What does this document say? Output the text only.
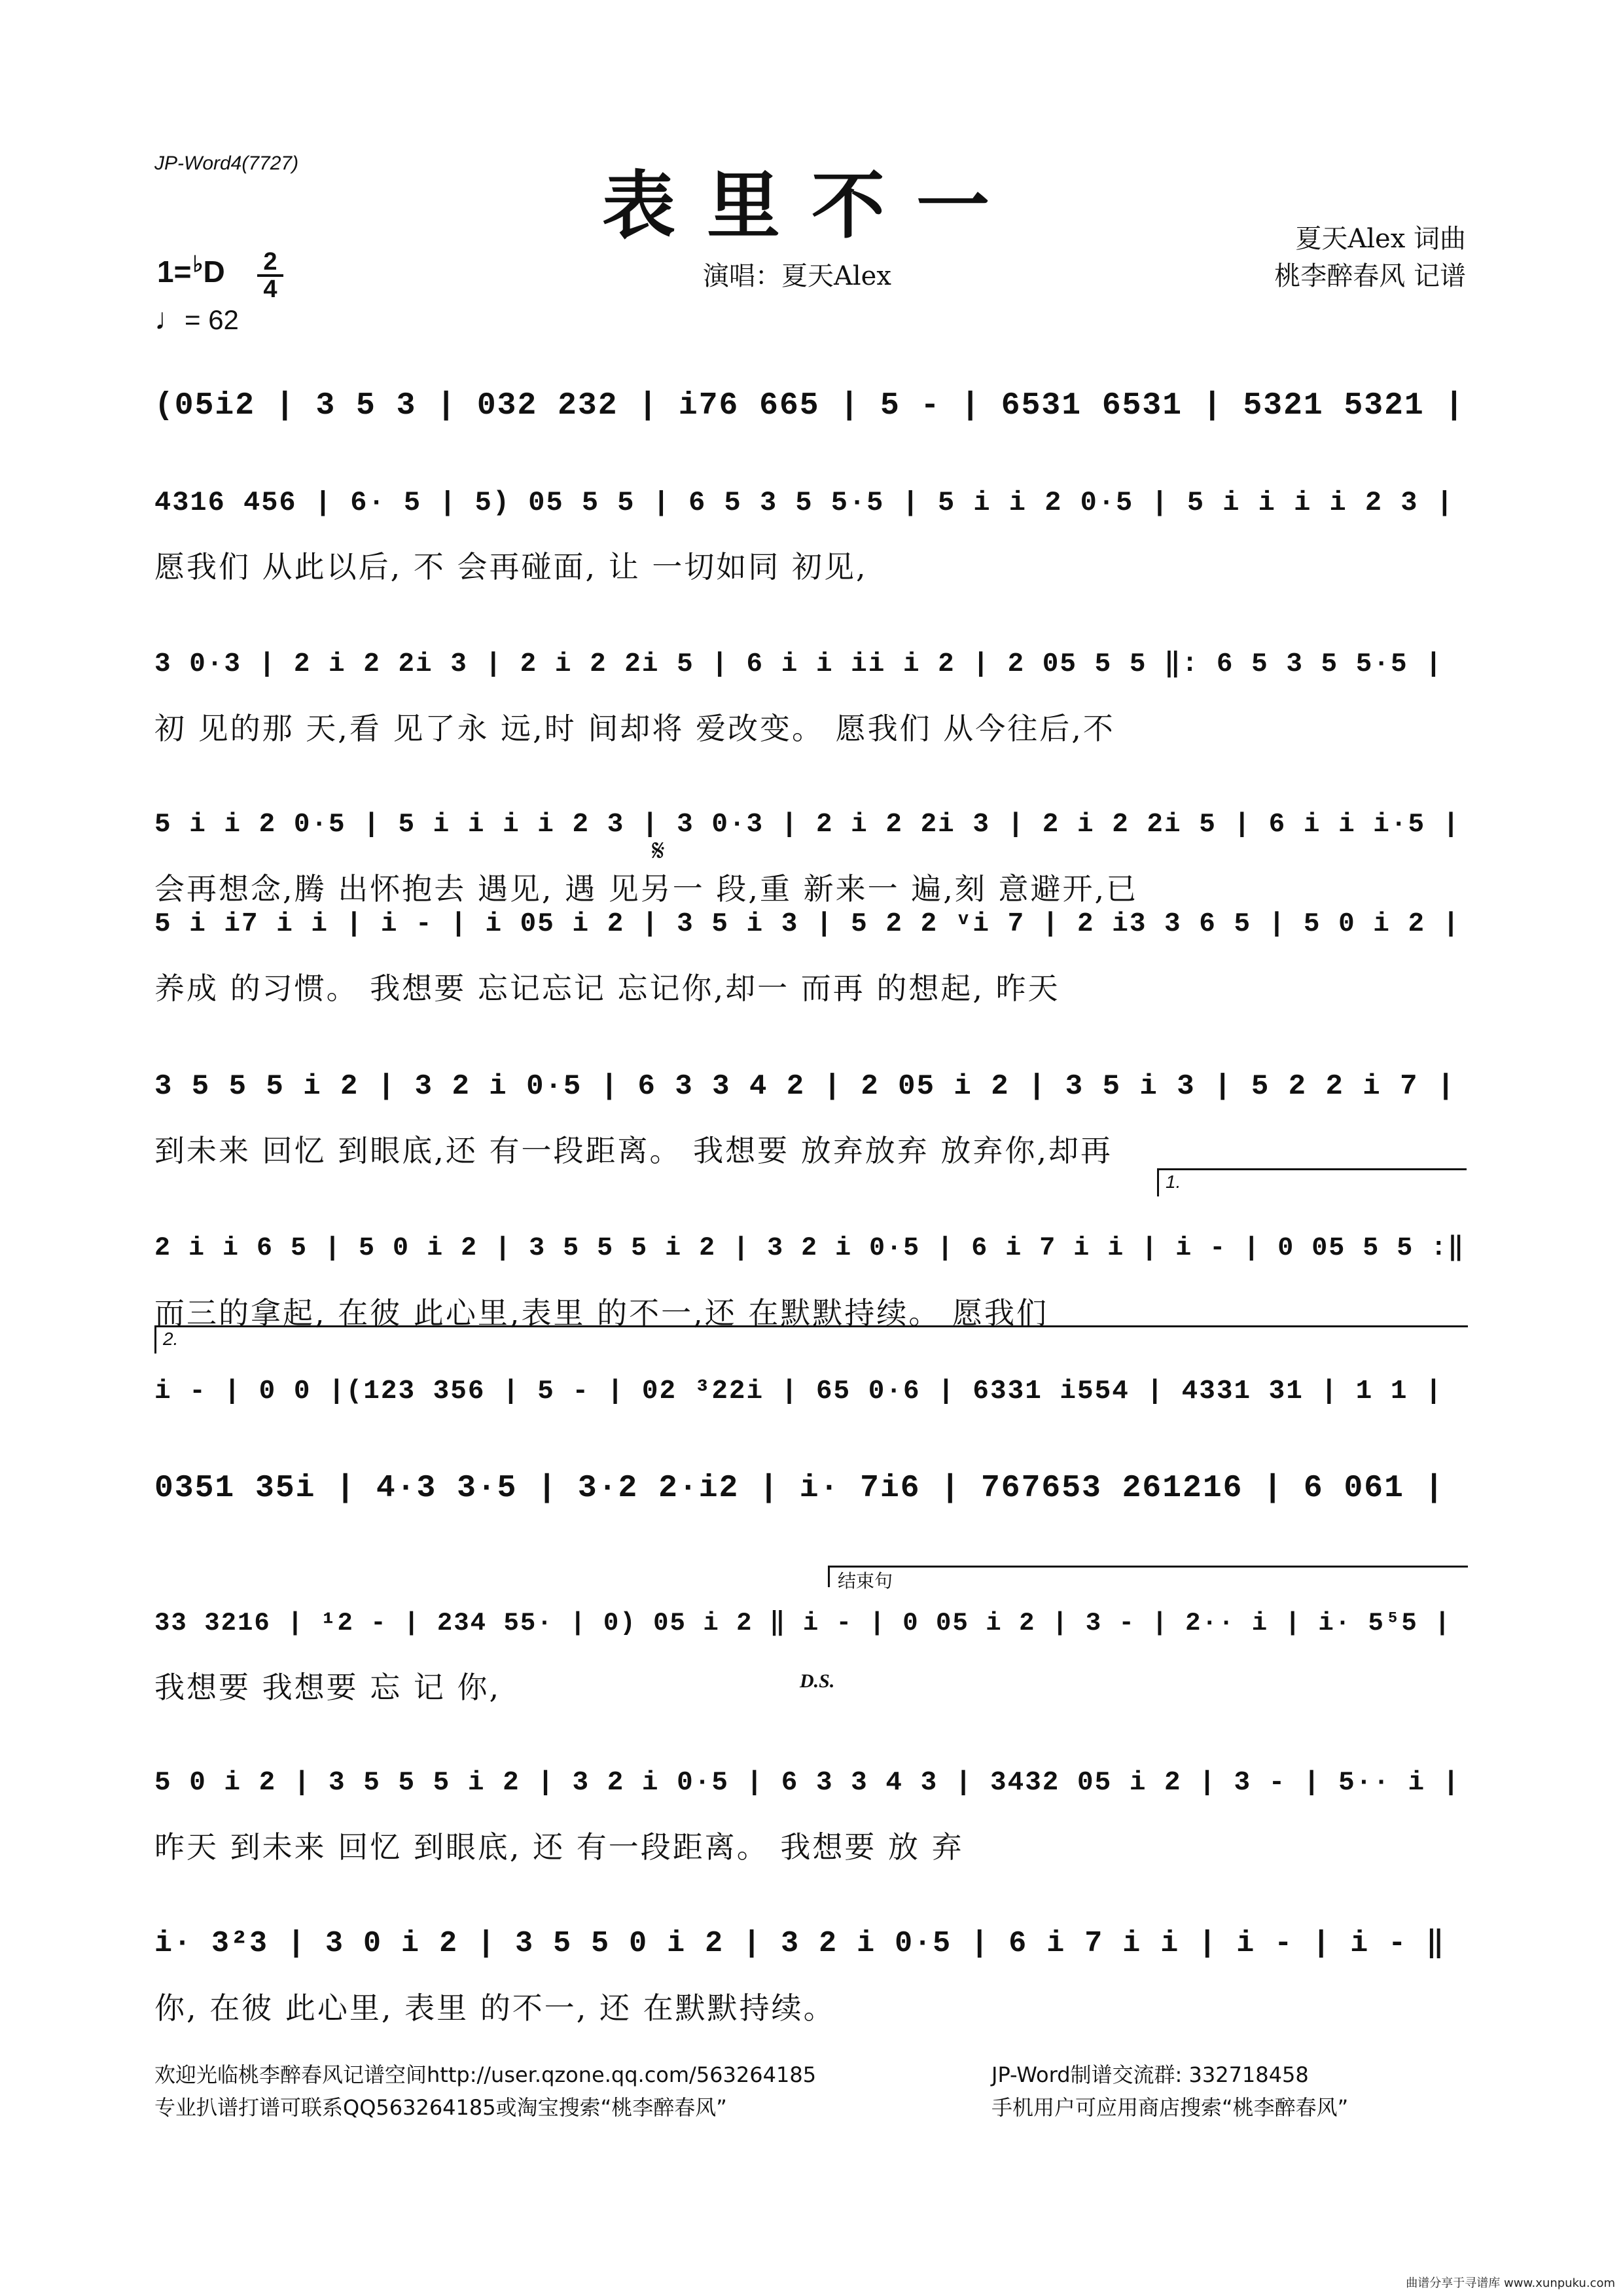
JP-Word4(7727)	表里不一
演唱：夏天Alex
夏天Alex 词曲
桃李醉春风 记谱
1=♭D 2
4
♩= 62
𝄋
1.
2.
结束句
D.S.
(05i2 | 3 5 3 | 032 232 | i76 665 | 5 - | 6531 6531 | 5321 5321 |
4316 456 | 6· 5 | 5) 05 5 5 | 6 5 3 5 5·5 | 5 i i 2 0·5 | 5 i i i i 2 3 |
愿我们 从此以后, 不 会再碰面, 让 一切如同 初见,
3 0·3 | 2 i 2 2i 3 | 2 i 2 2i 5 | 6 i i ii i 2 | 2 05 5 5 ‖: 6 5 3 5 5·5 |
初 见的那 天,看 见了永 远,时 间却将 爱改变。 愿我们 从今往后,不
5 i i 2 0·5 | 5 i i i i 2 3 | 3 0·3 | 2 i 2 2i 3 | 2 i 2 2i 5 | 6 i i i·5 |
会再想念,腾 出怀抱去 遇见, 遇 见另一 段,重 新来一 遍,刻 意避开,已
5 i i7 i i | i - | i 05 i 2 | 3 5 i 3 | 5 2 2 ᵛi 7 | 2 i3 3 6 5 | 5 0 i 2 |
养成 的习惯。 我想要 忘记忘记 忘记你,却一 而再 的想起, 昨天
3 5 5 5 i 2 | 3 2 i 0·5 | 6 3 3 4 2 | 2 05 i 2 | 3 5 i 3 | 5 2 2 i 7 |
到未来 回忆 到眼底,还 有一段距离。 我想要 放弃放弃 放弃你,却再
2 i i 6 5 | 5 0 i 2 | 3 5 5 5 i 2 | 3 2 i 0·5 | 6 i 7 i i | i - | 0 05 5 5 :‖
而三的拿起, 在彼 此心里,表里 的不一,还 在默默持续。 愿我们
i - | 0 0 |(123 356 | 5 - | 02 ³22i | 65 0·6 | 6331 i554 | 4331 31 | 1 1 |
0351 35i | 4·3 3·5 | 3·2 2·i2 | i· 7i6 | 767653 261216 | 6 061 |
33 3216 | ¹2 - | 234 55· | 0) 05 i 2 ‖ i - | 0 05 i 2 | 3 - | 2·· i | i· 5⁵5 |
我想要 我想要 忘 记 你,
5 0 i 2 | 3 5 5 5 i 2 | 3 2 i 0·5 | 6 3 3 4 3 | 3432 05 i 2 | 3 - | 5·· i |
昨天 到未来 回忆 到眼底, 还 有一段距离。 我想要 放 弃
i· 3²3 | 3 0 i 2 | 3 5 5 0 i 2 | 3 2 i 0·5 | 6 i 7 i i | i - | i - ‖
你, 在彼 此心里, 表里 的不一, 还 在默默持续。
欢迎光临桃李醉春风记谱空间http://user.qzone.qq.com/563264185	JP-Word制谱交流群: 332718458
专业扒谱打谱可联系QQ563264185或淘宝搜索“桃李醉春风”	手机用户可应用商店搜索“桃李醉春风”
曲谱分享于寻谱库 www.xunpuku.com
